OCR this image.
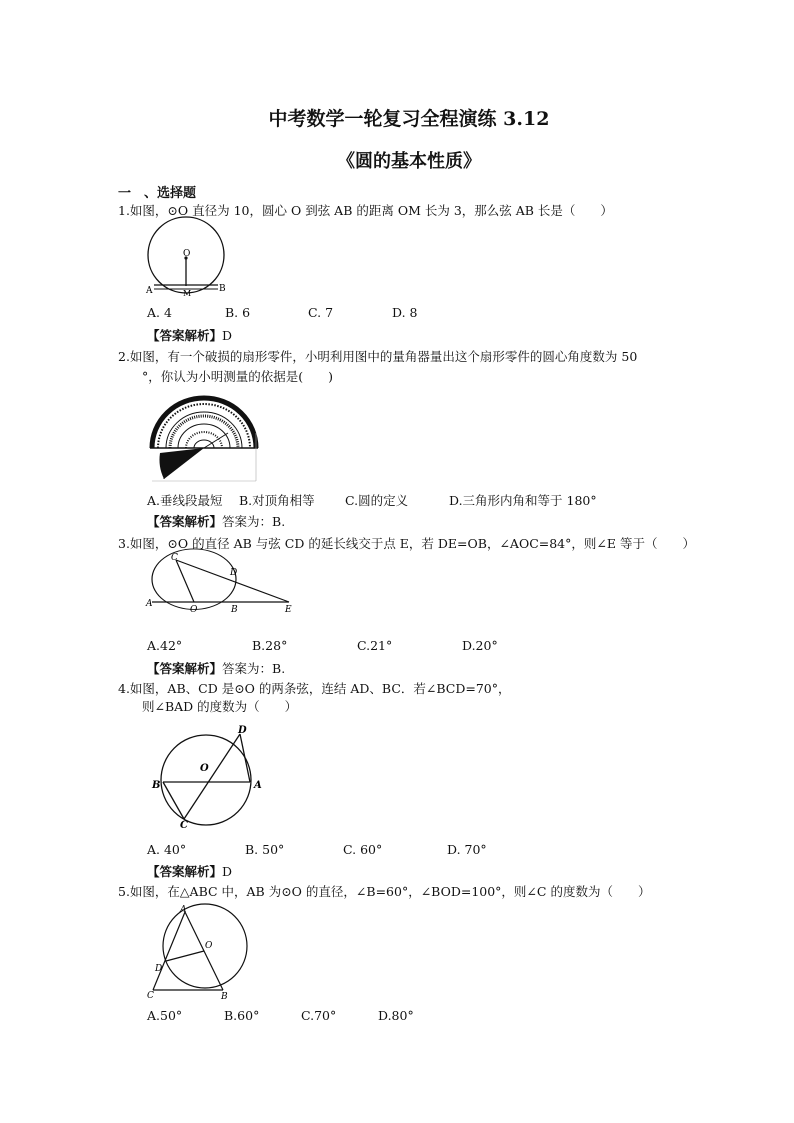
中考数学一轮复习全程演练 3.12
《圆的基本性质》
一　、选择题
1.如图，⊙O 直径为 10，圆心 O 到弦 AB 的距离 OM 长为 3，那么弦 AB 长是（　　）
O
A	M	B
A. 4	B. 6	C. 7	D. 8
【答案解析】D
2.如图，有一个破损的扇形零件，小明利用图中的量角器量出这个扇形零件的圆心角度数为 50
°，你认为小明测量的依据是(　　)
A.垂线段最短 B.对顶角相等 C.圆的定义	D.三角形内角和等于 180°
【答案解析】答案为：B.
3.如图，⊙O 的直径 AB 与弦 CD 的延长线交于点 E，若 DE=OB，∠AOC=84°，则∠E 等于（　　）
C
D
A
O	B	E
A.42°	B.28°	C.21°	D.20°
【答案解析】答案为：B.
4.如图，AB、CD 是⊙O 的两条弦，连结 AD、BC．若∠BCD=70°，
则∠BAD 的度数为（　　）
D
O
B	A
C
A. 40°	B. 50°	C. 60°	D. 70°
【答案解析】D
5.如图，在△ABC 中，AB 为⊙O 的直径，∠B=60°，∠BOD=100°，则∠C 的度数为（　　）
A
O
D
C	B
A.50°	B.60°	C.70°	D.80°
